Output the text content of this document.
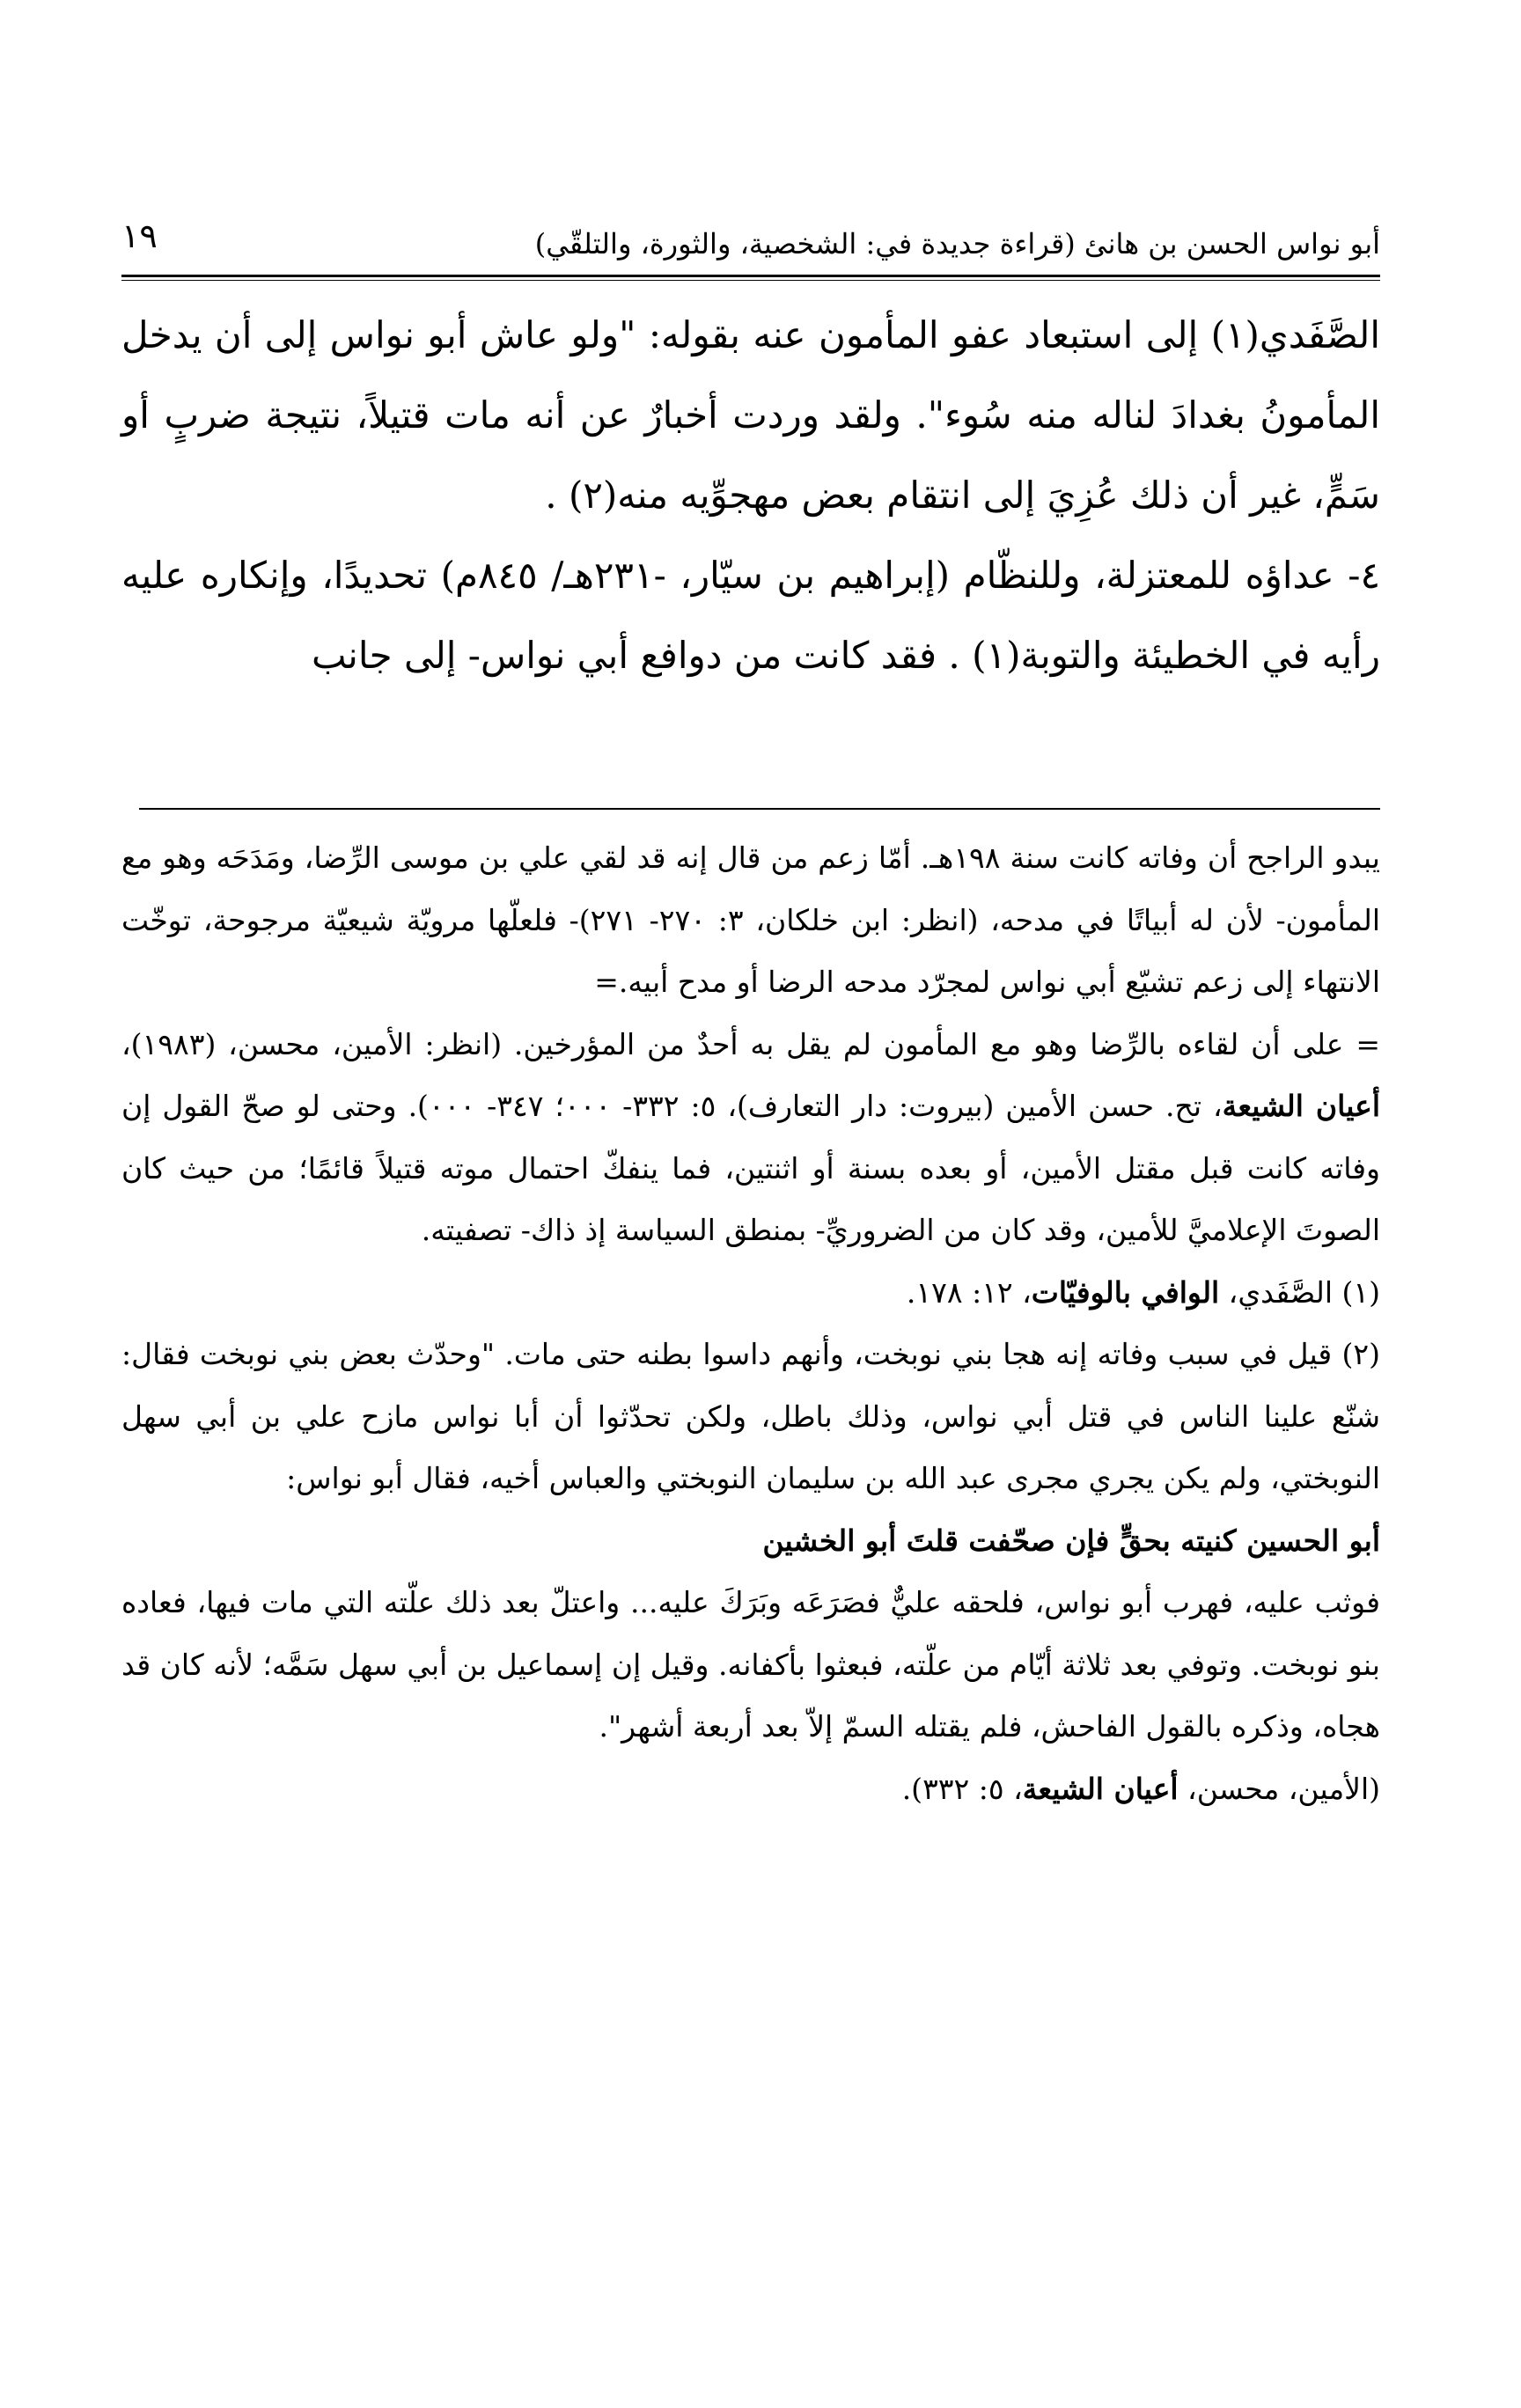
أبو نواس الحسن بن هانئ (قراءة جديدة في: الشخصية، والثورة، والتلقّي)
١٩

الصَّفَدي(١) إلى استبعاد عفو المأمون عنه بقوله: "ولو عاش أبو نواس إلى أن يدخل المأمونُ بغدادَ لناله منه سُوء". ولقد وردت أخبارٌ عن أنه مات قتيلاً، نتيجة ضربٍ أو سَمٍّ، غير أن ذلك عُزِيَ إلى انتقام بعض مهجوِّيه منه(٢) .

٤- عداؤه للمعتزلة، وللنظّام (إبراهيم بن سيّار، -٢٣١هـ/ ٨٤٥م) تحديدًا، وإنكاره عليه رأيه في الخطيئة والتوبة(١) . فقد كانت من دوافع أبي نواس- إلى جانب

يبدو الراجح أن وفاته كانت سنة ١٩٨هـ. أمّا زعم من قال إنه قد لقي علي بن موسى الرِّضا، ومَدَحَه وهو مع المأمون- لأن له أبياتًا في مدحه، (انظر: ابن خلكان، ٣: ٢٧٠- ٢٧١)- فلعلّها مرويّة شيعيّة مرجوحة، توخّت الانتهاء إلى زعم تشيّع أبي نواس لمجرّد مدحه الرضا أو مدح أبيه.=

= على أن لقاءه بالرِّضا وهو مع المأمون لم يقل به أحدٌ من المؤرخين. (انظر: الأمين، محسن، (١٩٨٣)، أعيان الشيعة، تح. حسن الأمين (بيروت: دار التعارف)، ٥: ٣٣٢- ٠٠٠؛ ٣٤٧- ٠٠٠). وحتى لو صحّ القول إن وفاته كانت قبل مقتل الأمين، أو بعده بسنة أو اثنتين، فما ينفكّ احتمال موته قتيلاً قائمًا؛ من حيث كان الصوتَ الإعلاميَّ للأمين، وقد كان من الضروريِّ- بمنطق السياسة إذ ذاك- تصفيته.

(١) الصَّفَدي، الوافي بالوفيّات، ١٢: ١٧٨.

(٢) قيل في سبب وفاته إنه هجا بني نوبخت، وأنهم داسوا بطنه حتى مات. "وحدّث بعض بني نوبخت فقال: شنّع علينا الناس في قتل أبي نواس، وذلك باطل، ولكن تحدّثوا أن أبا نواس مازح علي بن أبي سهل النوبختي، ولم يكن يجري مجرى عبد الله بن سليمان النوبختي والعباس أخيه، فقال أبو نواس:

أبو الحسين كنيته بحقٍّ فإن صحّفت قلتَ أبو الخشين

فوثب عليه، فهرب أبو نواس، فلحقه عليٌّ فصَرَعَه وبَرَكَ عليه... واعتلّ بعد ذلك علّته التي مات فيها، فعاده بنو نوبخت. وتوفي بعد ثلاثة أيّام من علّته، فبعثوا بأكفانه. وقيل إن إسماعيل بن أبي سهل سَمَّه؛ لأنه كان قد هجاه، وذكره بالقول الفاحش، فلم يقتله السمّ إلاّ بعد أربعة أشهر".

(الأمين، محسن، أعيان الشيعة، ٥: ٣٣٢).
